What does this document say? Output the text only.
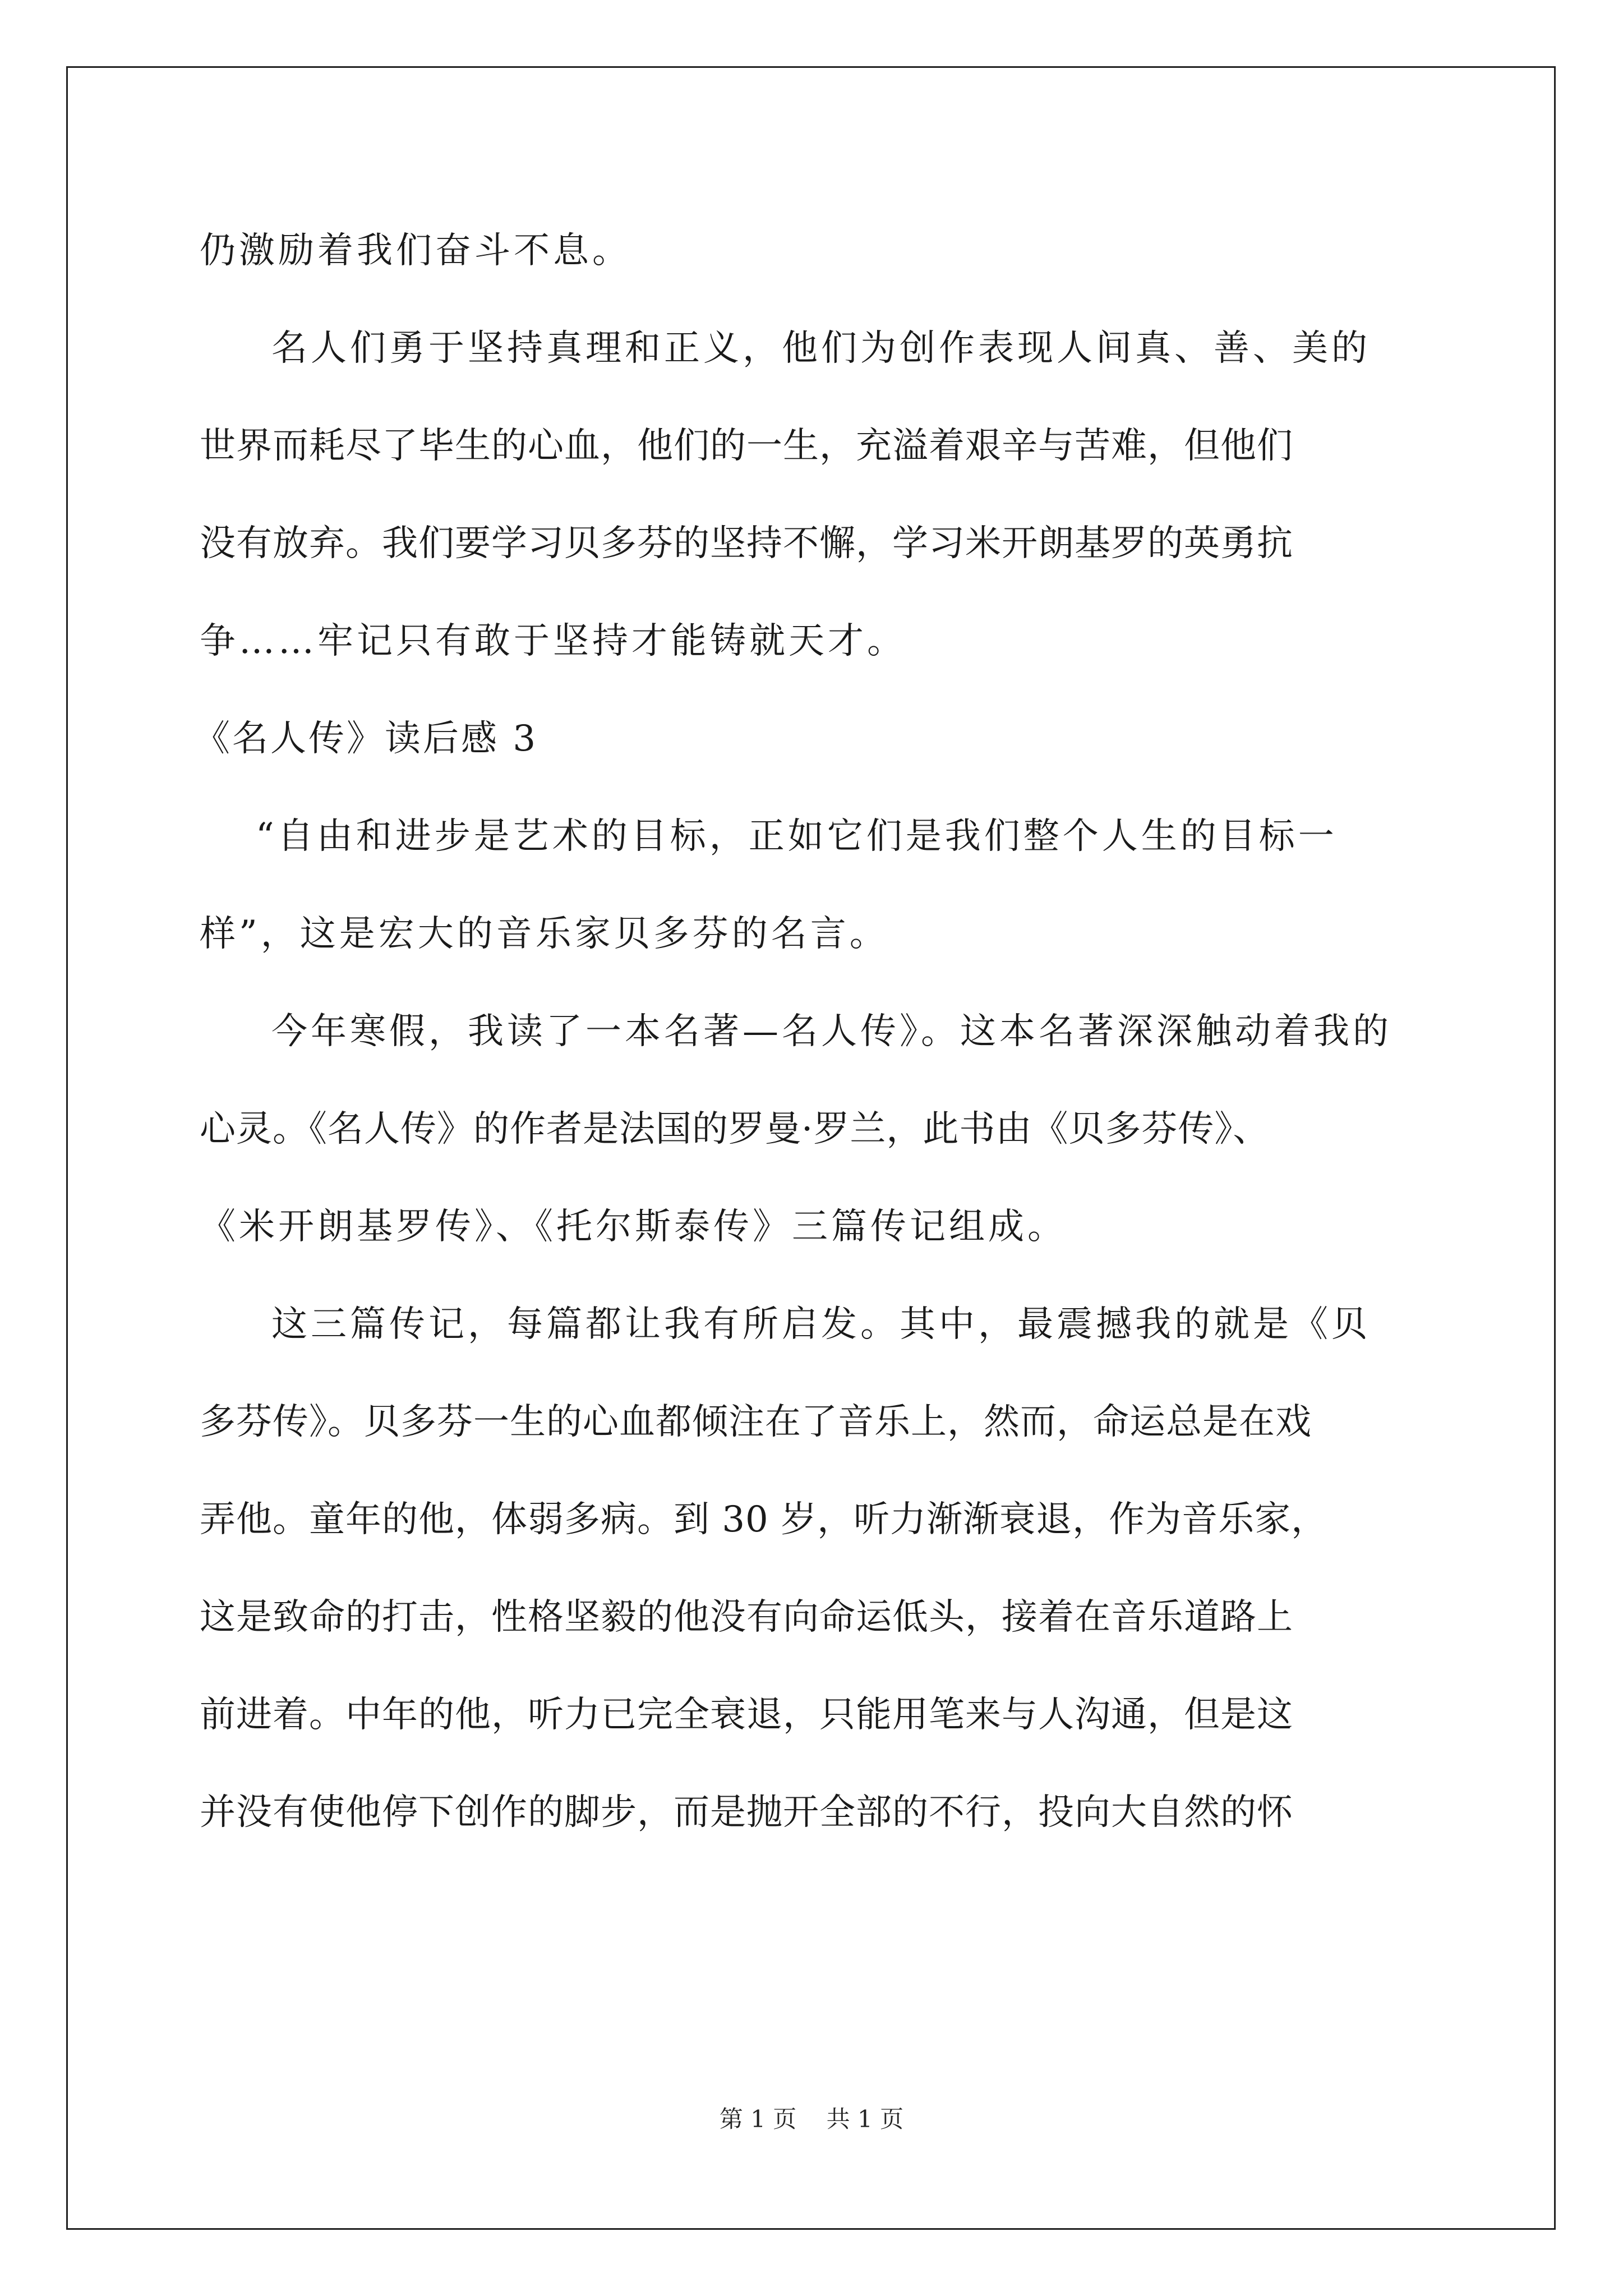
仍激励着我们奋斗不息。
名人们勇于坚持真理和正义，他们为创作表现人间真、善、美的
世界而耗尽了毕生的心血，他们的一生，充溢着艰辛与苦难，但他们
没有放弃。我们要学习贝多芬的坚持不懈，学习米开朗基罗的英勇抗
争……牢记只有敢于坚持才能铸就天才。
《名人传》读后感 3
“自由和进步是艺术的目标，正如它们是我们整个人生的目标一
样”，这是宏大的音乐家贝多芬的名言。
今年寒假，我读了一本名著—名人传》。这本名著深深触动着我的
心灵。《名人传》的作者是法国的罗曼·罗兰，此书由《贝多芬传》、
《米开朗基罗传》、《托尔斯泰传》三篇传记组成。
这三篇传记，每篇都让我有所启发。其中，最震撼我的就是《贝
多芬传》。贝多芬一生的心血都倾注在了音乐上，然而，命运总是在戏
弄他。童年的他，体弱多病。到 30 岁，听力渐渐衰退，作为音乐家，
这是致命的打击，性格坚毅的他没有向命运低头，接着在音乐道路上
前进着。中年的他，听力已完全衰退，只能用笔来与人沟通，但是这
并没有使他停下创作的脚步，而是抛开全部的不行，投向大自然的怀
第 1 页 共 1 页
